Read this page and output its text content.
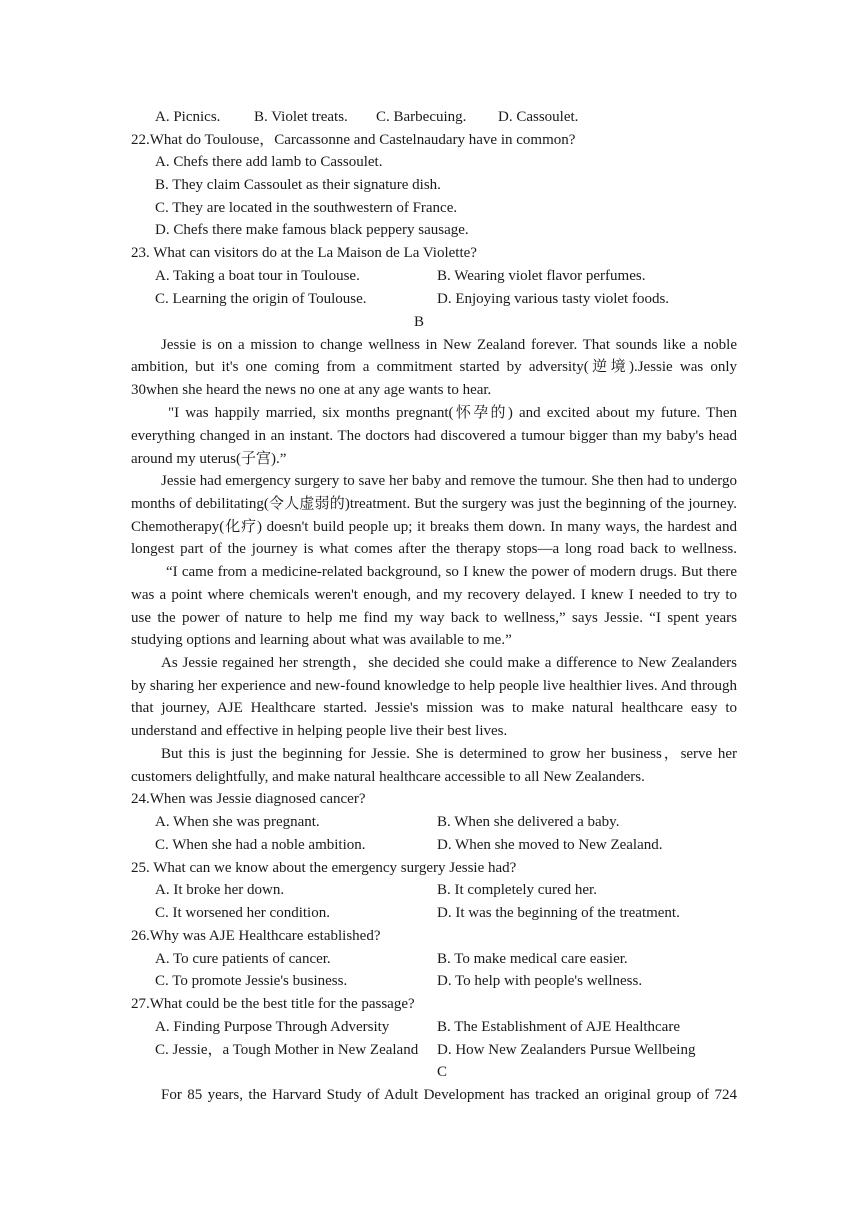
A. Picnics. B. Violet treats. C. Barbecuing. D. Cassoulet.
22.What do Toulouse，Carcassonne and Castelnaudary have in common?
A. Chefs there add lamb to Cassoulet.
B. They claim Cassoulet as their signature dish.
C. They are located in the southwestern of France.
D. Chefs there make famous black peppery sausage.
23. What can visitors do at the La Maison de La Violette?
A. Taking a boat tour in Toulouse.	B. Wearing violet flavor perfumes.
C. Learning the origin of Toulouse.	D. Enjoying various tasty violet foods.
B
Jessie is on a mission to change wellness in New Zealand forever. That sounds like a noble
ambition, but it's one coming from a commitment started by adversity(逆境).Jessie was only
30when she heard the news no one at any age wants to hear.
"I was happily married, six months pregnant(怀孕的) and excited about my future. Then
everything changed in an instant. The doctors had discovered a tumour bigger than my baby's head
around my uterus(子宫).”
Jessie had emergency surgery to save her baby and remove the tumour. She then had to undergo
months of debilitating(令人虚弱的)treatment. But the surgery was just the beginning of the journey.
Chemotherapy(化疗) doesn't build people up; it breaks them down. In many ways, the hardest and
longest part of the journey is what comes after the therapy stops—a long road back to wellness.
“I came from a medicine-related background, so I knew the power of modern drugs. But there
was a point where chemicals weren't enough, and my recovery delayed. I knew I needed to try to
use the power of nature to help me find my way back to wellness,” says Jessie. “I spent years
studying options and learning about what was available to me.”
As Jessie regained her strength，she decided she could make a difference to New Zealanders
by sharing her experience and new-found knowledge to help people live healthier lives. And through
that journey, AJE Healthcare started. Jessie's mission was to make natural healthcare easy to
understand and effective in helping people live their best lives.
But this is just the beginning for Jessie. She is determined to grow her business，serve her
customers delightfully, and make natural healthcare accessible to all New Zealanders.
24.When was Jessie diagnosed cancer?
A. When she was pregnant.	B. When she delivered a baby.
C. When she had a noble ambition.	D. When she moved to New Zealand.
25. What can we know about the emergency surgery Jessie had?
A. It broke her down.	B. It completely cured her.
C. It worsened her condition.	D. It was the beginning of the treatment.
26.Why was AJE Healthcare established?
A. To cure patients of cancer.	B. To make medical care easier.
C. To promote Jessie's business.	D. To help with people's wellness.
27.What could be the best title for the passage?
A. Finding Purpose Through Adversity	B. The Establishment of AJE Healthcare
C. Jessie，a Tough Mother in New Zealand D. How New Zealanders Pursue Wellbeing
C
For 85 years, the Harvard Study of Adult Development has tracked an original group of 724
